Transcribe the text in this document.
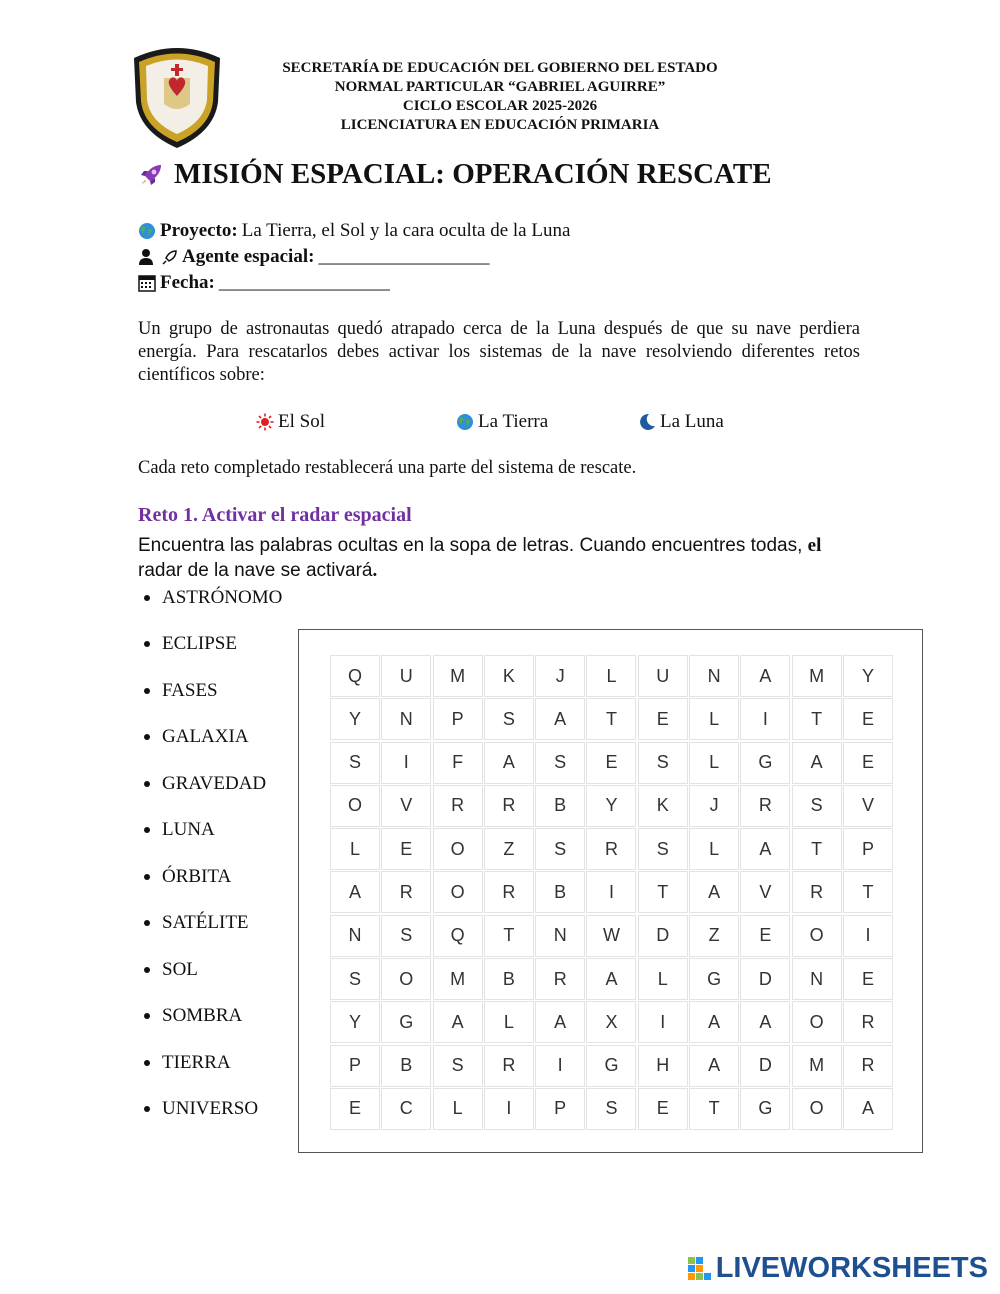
SECRETARÍA DE EDUCACIÓN DEL GOBIERNO DEL ESTADO
NORMAL PARTICULAR “GABRIEL AGUIRRE”
CICLO ESCOLAR 2025-2026
LICENCIATURA EN EDUCACIÓN PRIMARIA
MISIÓN ESPACIAL: OPERACIÓN RESCATE
Proyecto: La Tierra, el Sol y la cara oculta de la Luna
Agente espacial: __________________
Fecha: __________________
Un grupo de astronautas quedó atrapado cerca de la Luna después de que su nave perdiera energía. Para rescatarlos debes activar los sistemas de la nave resolviendo diferentes retos científicos sobre:
El Sol	La Tierra	La Luna
Cada reto completado restablecerá una parte del sistema de rescate.
Reto 1. Activar el radar espacial
Encuentra las palabras ocultas en la sopa de letras. Cuando encuentres todas, el radar de la nave se activará.
ASTRÓNOMO
ECLIPSE
FASES
GALAXIA
GRAVEDAD
LUNA
ÓRBITA
SATÉLITE
SOL
SOMBRA
TIERRA
UNIVERSO
Q	U	M	K	J	L	U	N	A	M	Y
Y	N	P	S	A	T	E	L	I	T	E
S	I	F	A	S	E	S	L	G	A	E
O	V	R	R	B	Y	K	J	R	S	V
L	E	O	Z	S	R	S	L	A	T	P
A	R	O	R	B	I	T	A	V	R	T
N	S	Q	T	N	W	D	Z	E	O	I
S	O	M	B	R	A	L	G	D	N	E
Y	G	A	L	A	X	I	A	A	O	R
P	B	S	R	I	G	H	A	D	M	R
E	C	L	I	P	S	E	T	G	O	A
LIVEWORKSHEETS
